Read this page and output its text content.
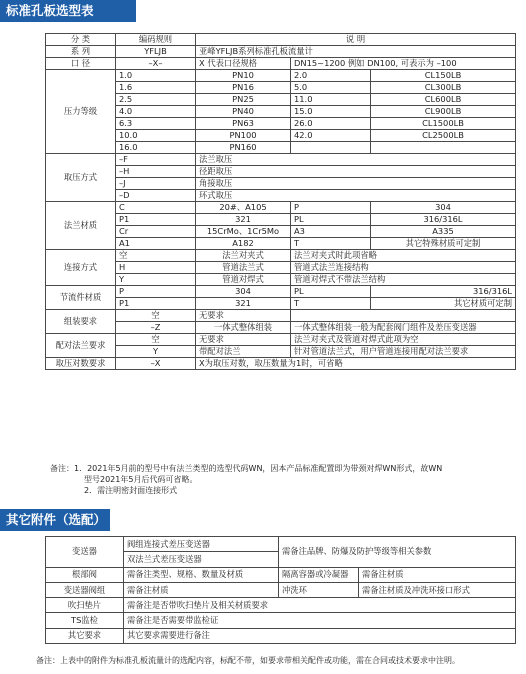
标准孔板选型表
分 类	编码规则	说 明		
系 列	YFLJB	亚峰YFLJB系列标准孔板流量计		
口 径	–X–	X 代表口径规格	DN15~1200 例如 DN100, 可表示为 –100	
压力等级	1.0	PN10	2.0	CL150LB
	1.6	PN16	5.0	CL300LB
	2.5	PN25	11.0	CL600LB
	4.0	PN40	15.0	CL900LB
	6.3	PN63	26.0	CL1500LB
	10.0	PN100	42.0	CL2500LB
	16.0	PN160		
取压方式	–F	法兰取压		
	–H	径距取压		
	–J	角接取压		
	–D	环式取压		
法兰材质	C	20#、A105	P	304
	P1	321	PL	316/316L
	Cr	15CrMo、1Cr5Mo	A3	A335
	A1	A182	T	其它特殊材质可定制
连接方式	空	法兰对夹式	法兰对夹式时此项省略	
	H	管道法兰式	管道式法兰连接结构	
	Y	管道对焊式	管道对焊式不带法兰结构	
节流件材质	P	304	PL	316/316L
	P1	321	T	其它材质可定制
组装要求	空	无要求		
	–Z	一体式整体组装	一体式整体组装一般为配套阀门组件及差压变送器	
配对法兰要求	空	无要求	法兰对夹式及管道对焊式此项为空	
	Y	带配对法兰	针对管道法兰式，用户管道连接用配对法兰要求	
取压对数要求	–X	X为取压对数，取压数量为1时，可省略		
备注：1．2021年5月前的型号中有法兰类型的选型代码WN，因本产品标准配置即为带颈对焊WN形式，故WN
型号2021年5月后代码可省略。
2．需注明密封面连接形式
其它附件（选配）
变送器	阀组连接式差压变送器	需备注品牌、防爆及防护等级等相关参数	
	双法兰式差压变送器		
根部阀	需备注类型、规格、数量及材质	隔离容器或冷凝器	需备注材质
变送器阀组	需备注材质	冲洗环	需备注材质及冲洗环接口形式
吹扫垫片	需备注是否带吹扫垫片及相关材质要求		
TS监检	需备注是否需要带监检证		
其它要求	其它要求需要进行备注		
备注：上表中的附件为标准孔板流量计的选配内容，标配不带，如要求带相关配件或功能，需在合同或技术要求中注明。
